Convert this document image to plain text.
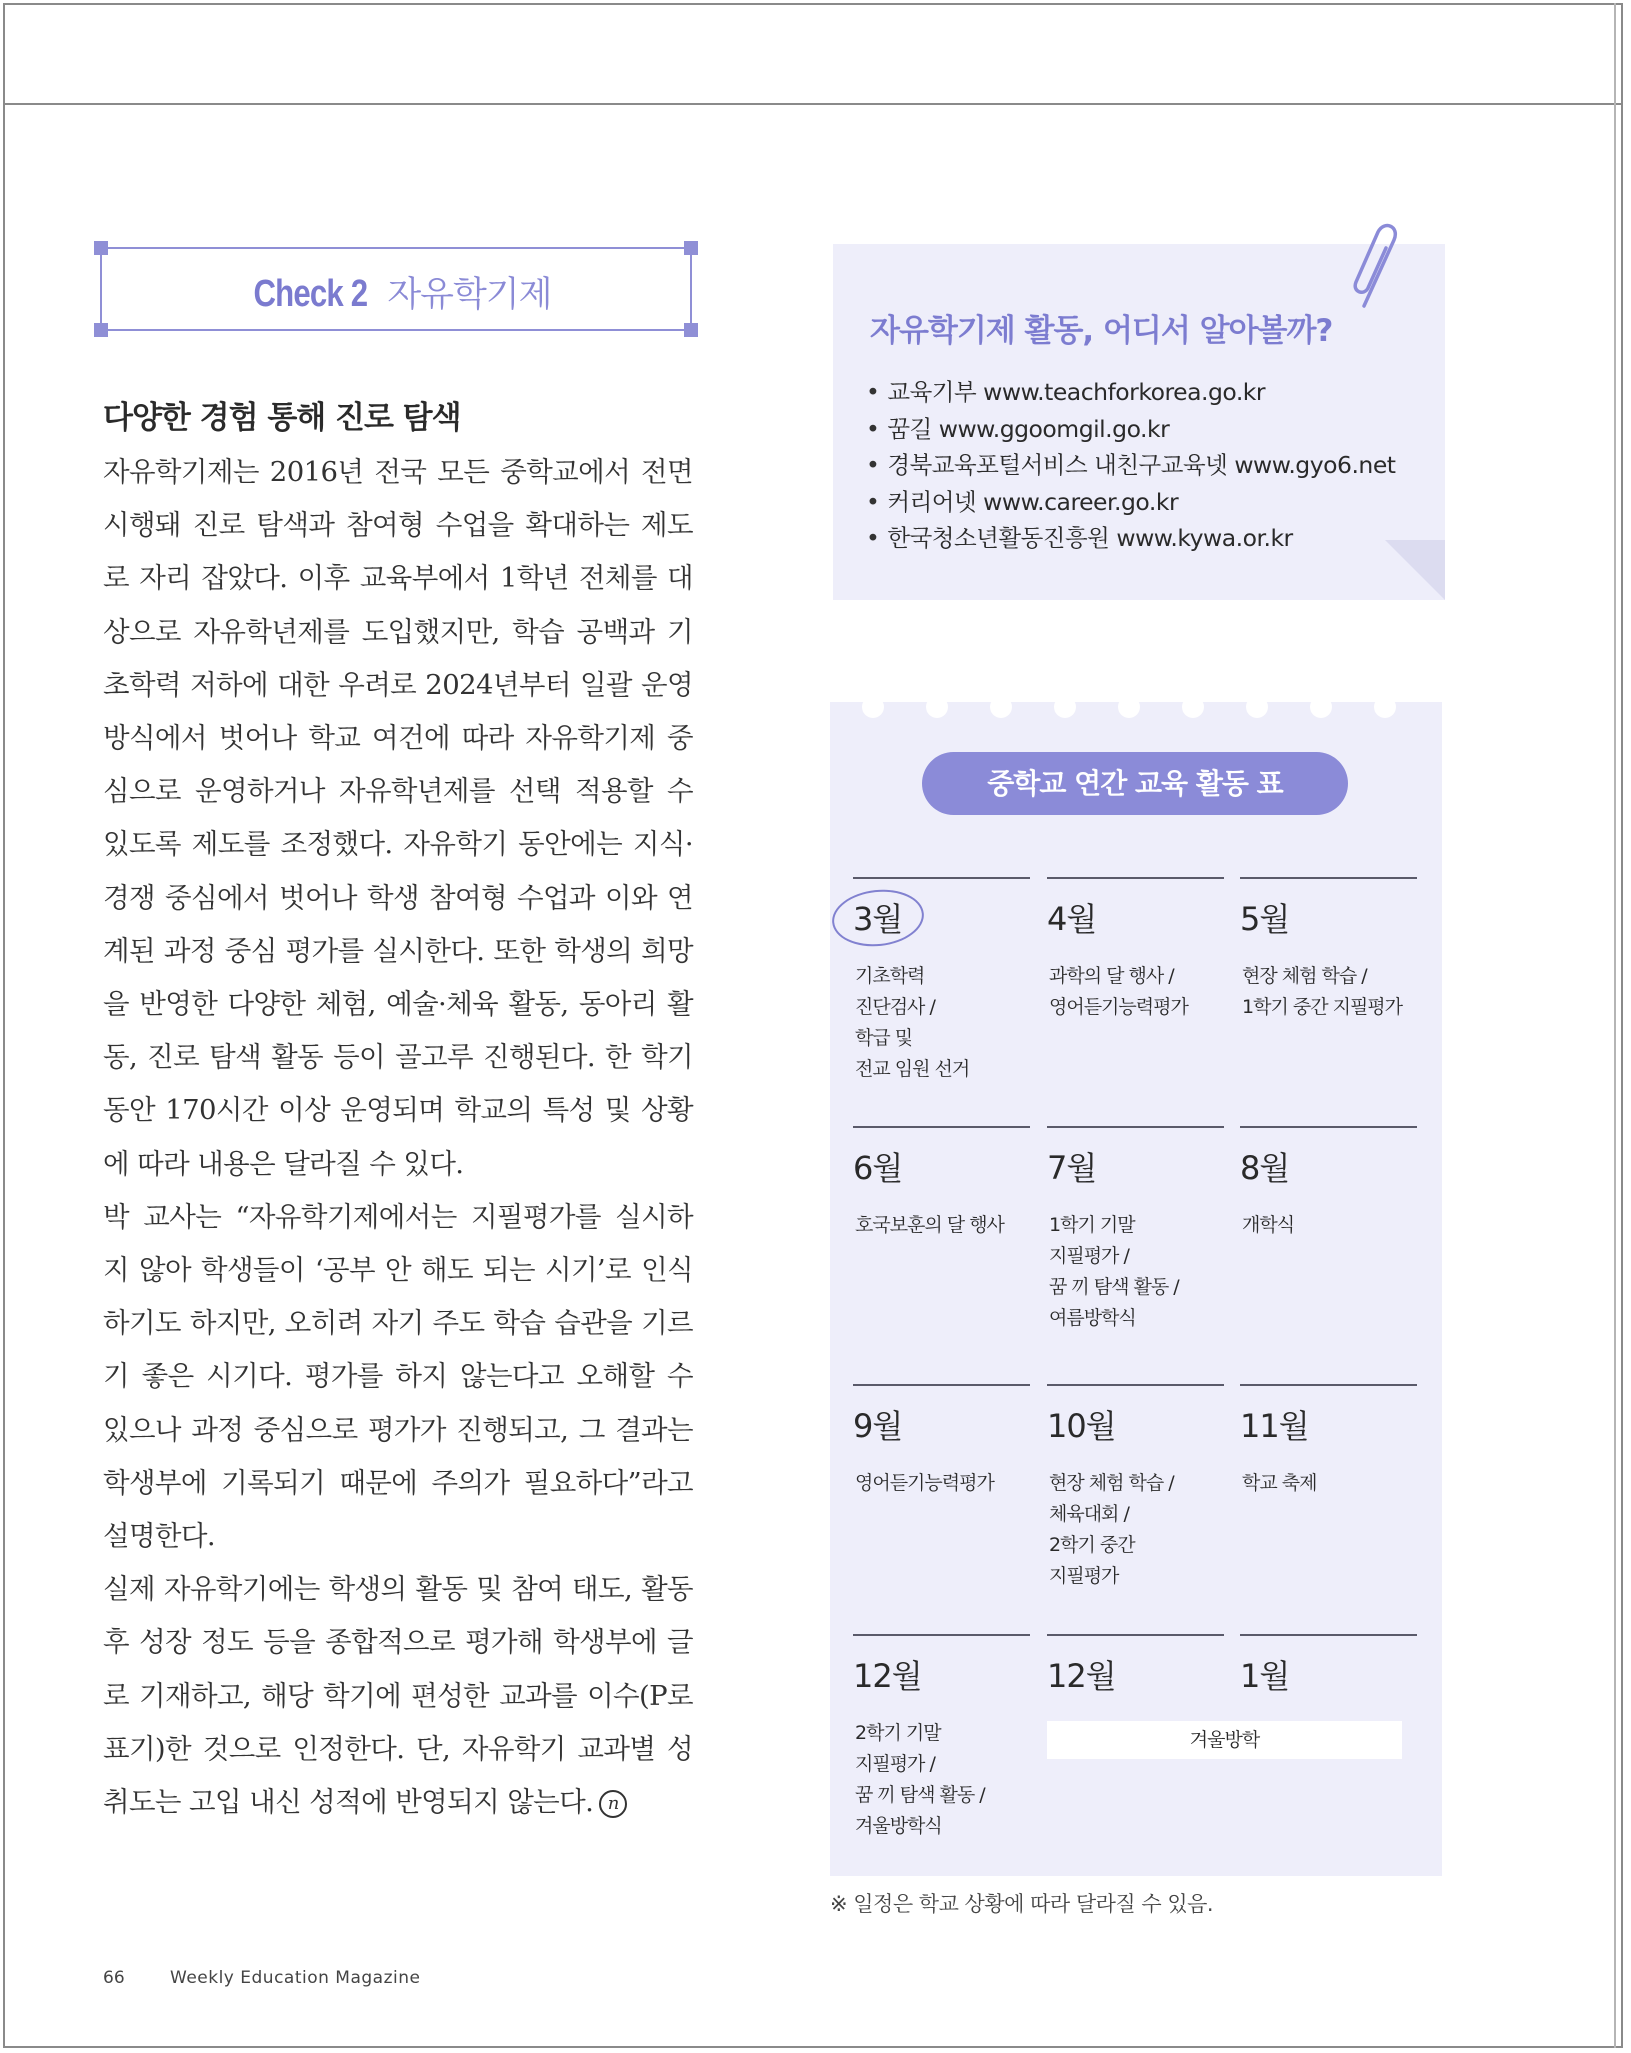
Check 2 자유학기제
다양한 경험 통해 진로 탐색

자유학기제는 2016년 전국 모든 중학교에서 전면 시행돼 진로 탐색과 참여형 수업을 확대하는 제도로 자리 잡았다. 이후 교육부에서 1학년 전체를 대상으로 자유학년제를 도입했지만, 학습 공백과 기초학력 저하에 대한 우려로 2024년부터 일괄 운영 방식에서 벗어나 학교 여건에 따라 자유학기제 중심으로 운영하거나 자유학년제를 선택 적용할 수 있도록 제도를 조정했다. 자유학기 동안에는 지식·경쟁 중심에서 벗어나 학생 참여형 수업과 이와 연계된 과정 중심 평가를 실시한다. 또한 학생의 희망을 반영한 다양한 체험, 예술·체육 활동, 동아리 활동, 진로 탐색 활동 등이 골고루 진행된다. 한 학기 동안 170시간 이상 운영되며 학교의 특성 및 상황에 따라 내용은 달라질 수 있다.

박 교사는 “자유학기제에서는 지필평가를 실시하지 않아 학생들이 ‘공부 안 해도 되는 시기’로 인식하기도 하지만, 오히려 자기 주도 학습 습관을 기르기 좋은 시기다. 평가를 하지 않는다고 오해할 수 있으나 과정 중심으로 평가가 진행되고, 그 결과는 학생부에 기록되기 때문에 주의가 필요하다”라고 설명한다.

실제 자유학기에는 학생의 활동 및 참여 태도, 활동 후 성장 정도 등을 종합적으로 평가해 학생부에 글로 기재하고, 해당 학기에 편성한 교과를 이수(P로 표기)한 것으로 인정한다. 단, 자유학기 교과별 성취도는 고입 내신 성적에 반영되지 않는다. n

자유학기제 활동, 어디서 알아볼까?
• 교육기부 www.teachforkorea.go.kr
• 꿈길 www.ggoomgil.go.kr
• 경북교육포털서비스 내친구교육넷 www.gyo6.net
• 커리어넷 www.career.go.kr
• 한국청소년활동진흥원 www.kywa.or.kr
중학교 연간 교육 활동 표
3월
기초학력
진단검사 /
학급 및
전교 임원 선거
4월
과학의 달 행사 /
영어듣기능력평가
5월
현장 체험 학습 /
1학기 중간 지필평가
6월
호국보훈의 달 행사
7월
1학기 기말
지필평가 /
꿈 끼 탐색 활동 /
여름방학식
8월
개학식
9월
영어듣기능력평가
10월
현장 체험 학습 /
체육대회 /
2학기 중간
지필평가
11월
학교 축제
12월
2학기 기말
지필평가 /
꿈 끼 탐색 활동 /
겨울방학식
12월	1월
겨울방학
※ 일정은 학교 상황에 따라 달라질 수 있음.
66	Weekly Education Magazine
